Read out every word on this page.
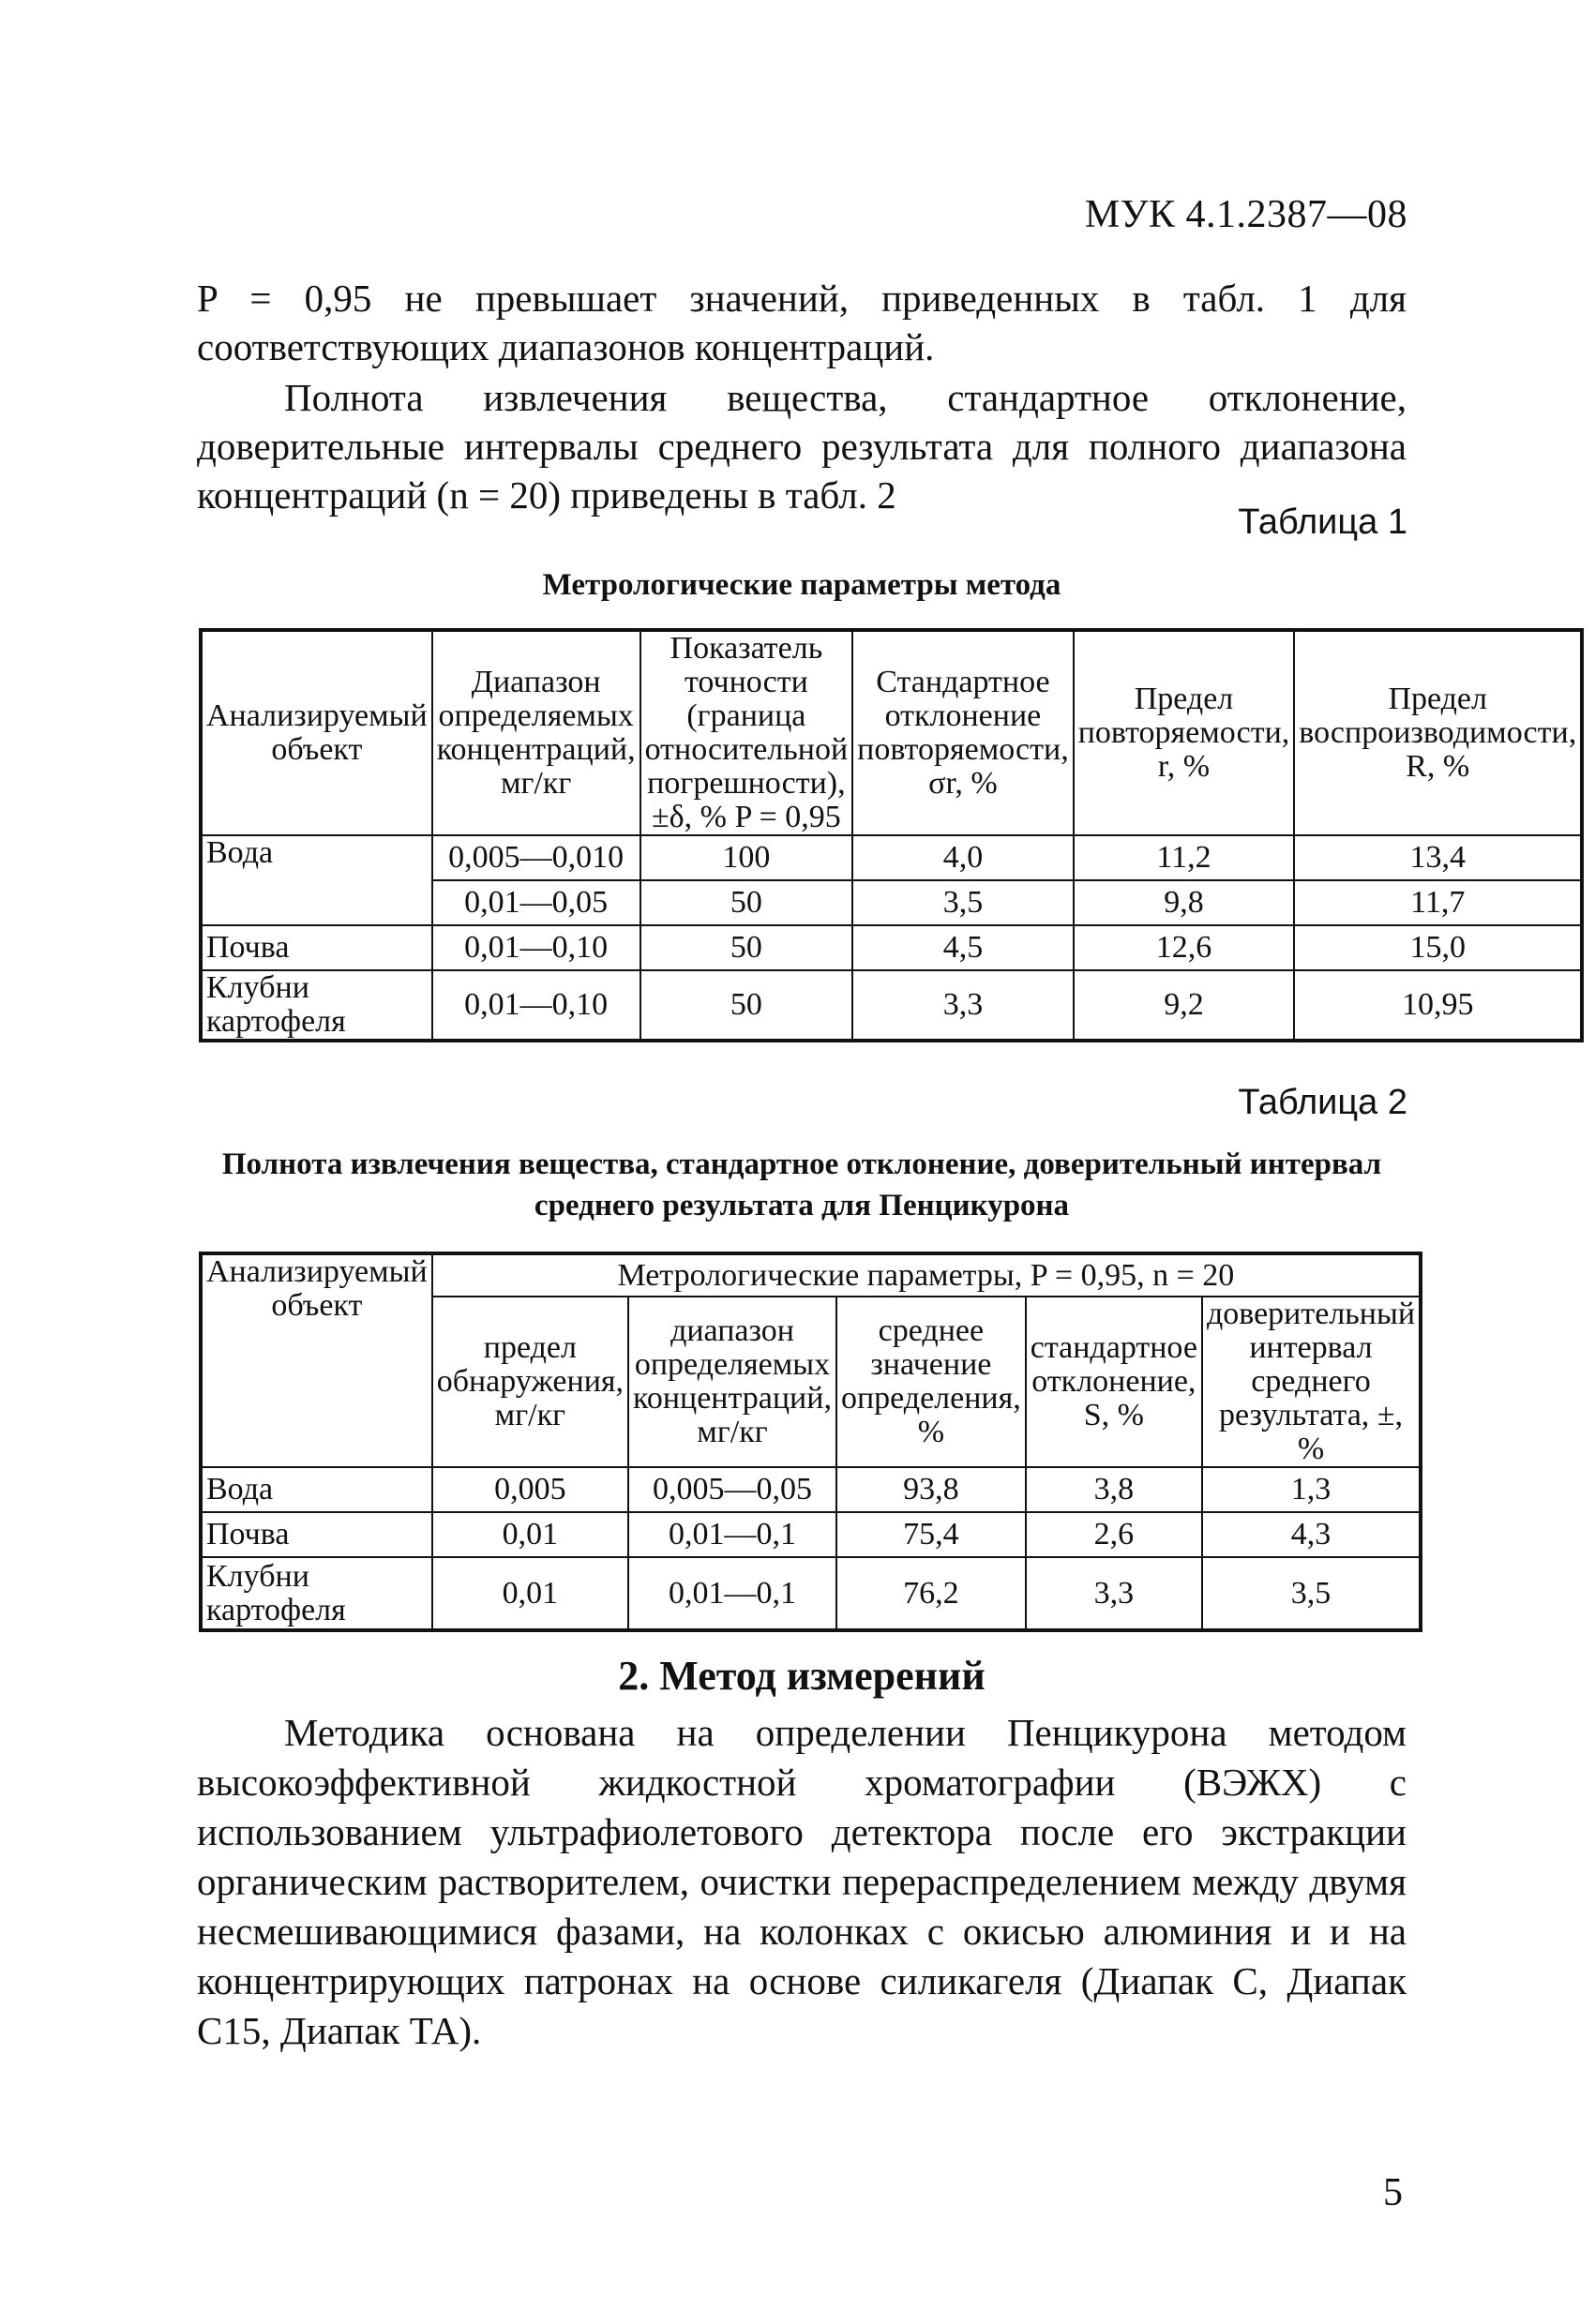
МУК 4.1.2387—08

P = 0,95 не превышает значений, приведенных в табл. 1 для соответствующих диапазонов концентраций.

Полнота извлечения вещества, стандартное отклонение, доверительные интервалы среднего результата для полного диапазона концентраций (n = 20) приведены в табл. 2

Таблица 1
Метрологические параметры метода
Анализируемый объект	Диапазон определяемых концентраций, мг/кг	Показатель точности (граница относительной погрешности), ±δ, % P = 0,95	Стандартное отклонение повторяемости, σr, %	Предел повторяемости, r, %	Предел воспроизводимости, R, %
Вода	0,005—0,010	100	4,0	11,2	13,4
	0,01—0,05	50	3,5	9,8	11,7
Почва	0,01—0,10	50	4,5	12,6	15,0
Клубни картофеля	0,01—0,10	50	3,3	9,2	10,95
Таблица 2
Полнота извлечения вещества, стандартное отклонение, доверительный интервал среднего результата для Пенцикурона
Анализируемый объект	Метрологические параметры, P = 0,95, n = 20				
	предел обнаружения, мг/кг	диапазон определяемых концентраций, мг/кг	среднее значение определения, %	стандартное отклонение, S, %	доверительный интервал среднего результата, ±, %
Вода	0,005	0,005—0,05	93,8	3,8	1,3
Почва	0,01	0,01—0,1	75,4	2,6	4,3
Клубни картофеля	0,01	0,01—0,1	76,2	3,3	3,5
2. Метод измерений

Методика основана на определении Пенцикурона методом высокоэффективной жидкостной хроматографии (ВЭЖХ) с использованием ультрафиолетового детектора после его экстракции органическим растворителем, очистки перераспределением между двумя несмешивающимися фазами, на колонках с окисью алюминия и и на концентрирующих патронах на основе силикагеля (Диапак С, Диапак С15, Диапак ТА).

5
